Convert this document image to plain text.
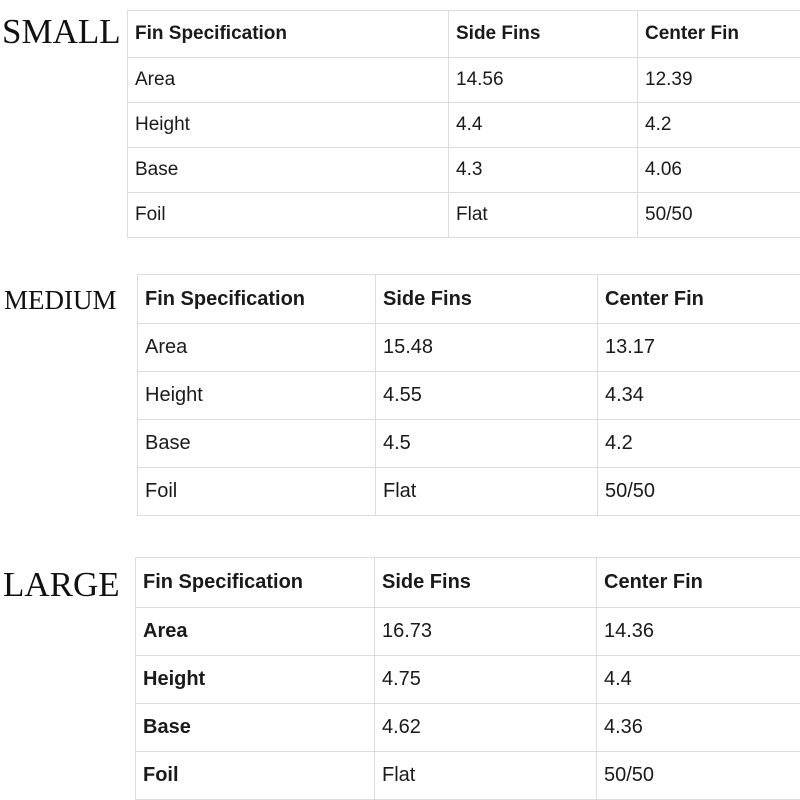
SMALL Fin Specification	Side Fins	Center Fin
Area	14.56	12.39
Height	4.4	4.2
Base	4.3	4.06
Foil	Flat	50/50
MEDIUM Fin Specification	Side Fins	Center Fin
Area	15.48	13.17
Height	4.55	4.34
Base	4.5	4.2
Foil	Flat	50/50
LARGE Fin Specification	Side Fins	Center Fin
Area	16.73	14.36
Height	4.75	4.4
Base	4.62	4.36
Foil	Flat	50/50
